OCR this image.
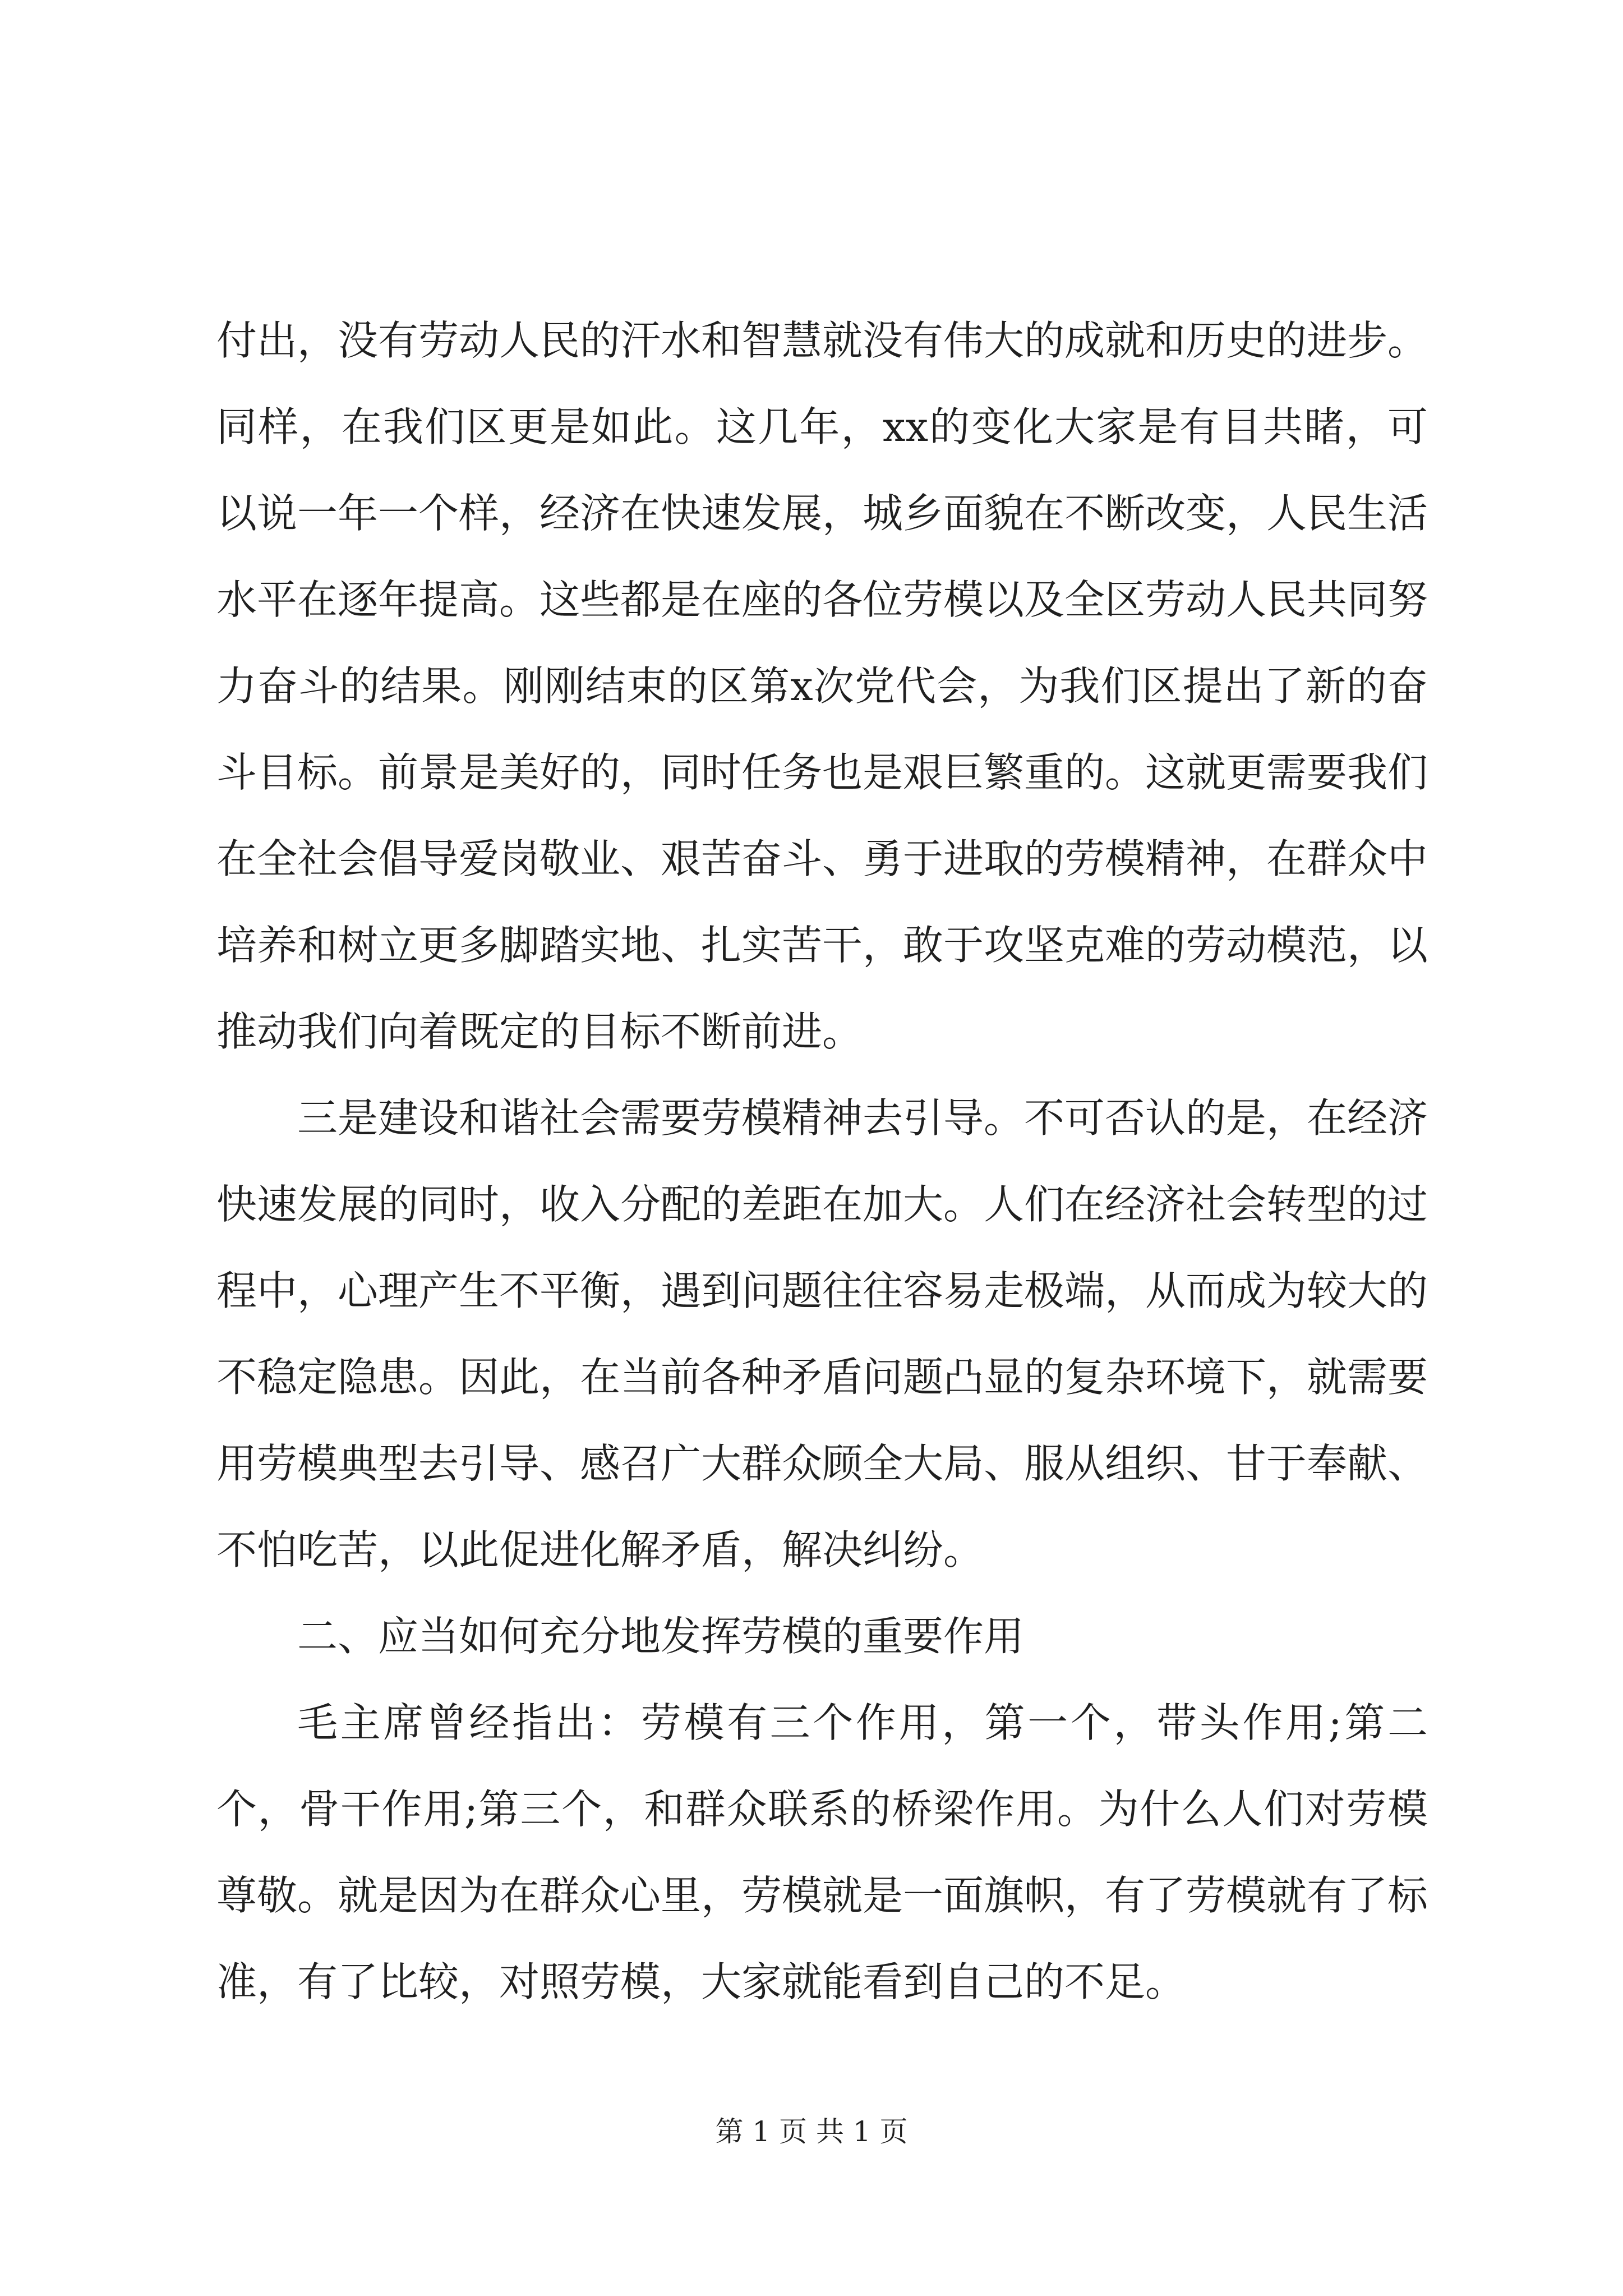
付出，没有劳动人民的汗水和智慧就没有伟大的成就和历史的进步。同样，在我们区更是如此。这几年，xx的变化大家是有目共睹，可以说一年一个样，经济在快速发展，城乡面貌在不断改变，人民生活水平在逐年提高。这些都是在座的各位劳模以及全区劳动人民共同努力奋斗的结果。刚刚结束的区第x次党代会，为我们区提出了新的奋斗目标。前景是美好的，同时任务也是艰巨繁重的。这就更需要我们在全社会倡导爱岗敬业、艰苦奋斗、勇于进取的劳模精神，在群众中培养和树立更多脚踏实地、扎实苦干，敢于攻坚克难的劳动模范，以推动我们向着既定的目标不断前进。

三是建设和谐社会需要劳模精神去引导。不可否认的是，在经济快速发展的同时，收入分配的差距在加大。人们在经济社会转型的过程中，心理产生不平衡，遇到问题往往容易走极端，从而成为较大的不稳定隐患。因此，在当前各种矛盾问题凸显的复杂环境下，就需要用劳模典型去引导、感召广大群众顾全大局、服从组织、甘于奉献、不怕吃苦，以此促进化解矛盾，解决纠纷。

二、应当如何充分地发挥劳模的重要作用

毛主席曾经指出：劳模有三个作用，第一个，带头作用;第二个，骨干作用;第三个，和群众联系的桥梁作用。为什么人们对劳模尊敬。就是因为在群众心里，劳模就是一面旗帜，有了劳模就有了标准，有了比较，对照劳模，大家就能看到自己的不足。

第 1 页 共 1 页
